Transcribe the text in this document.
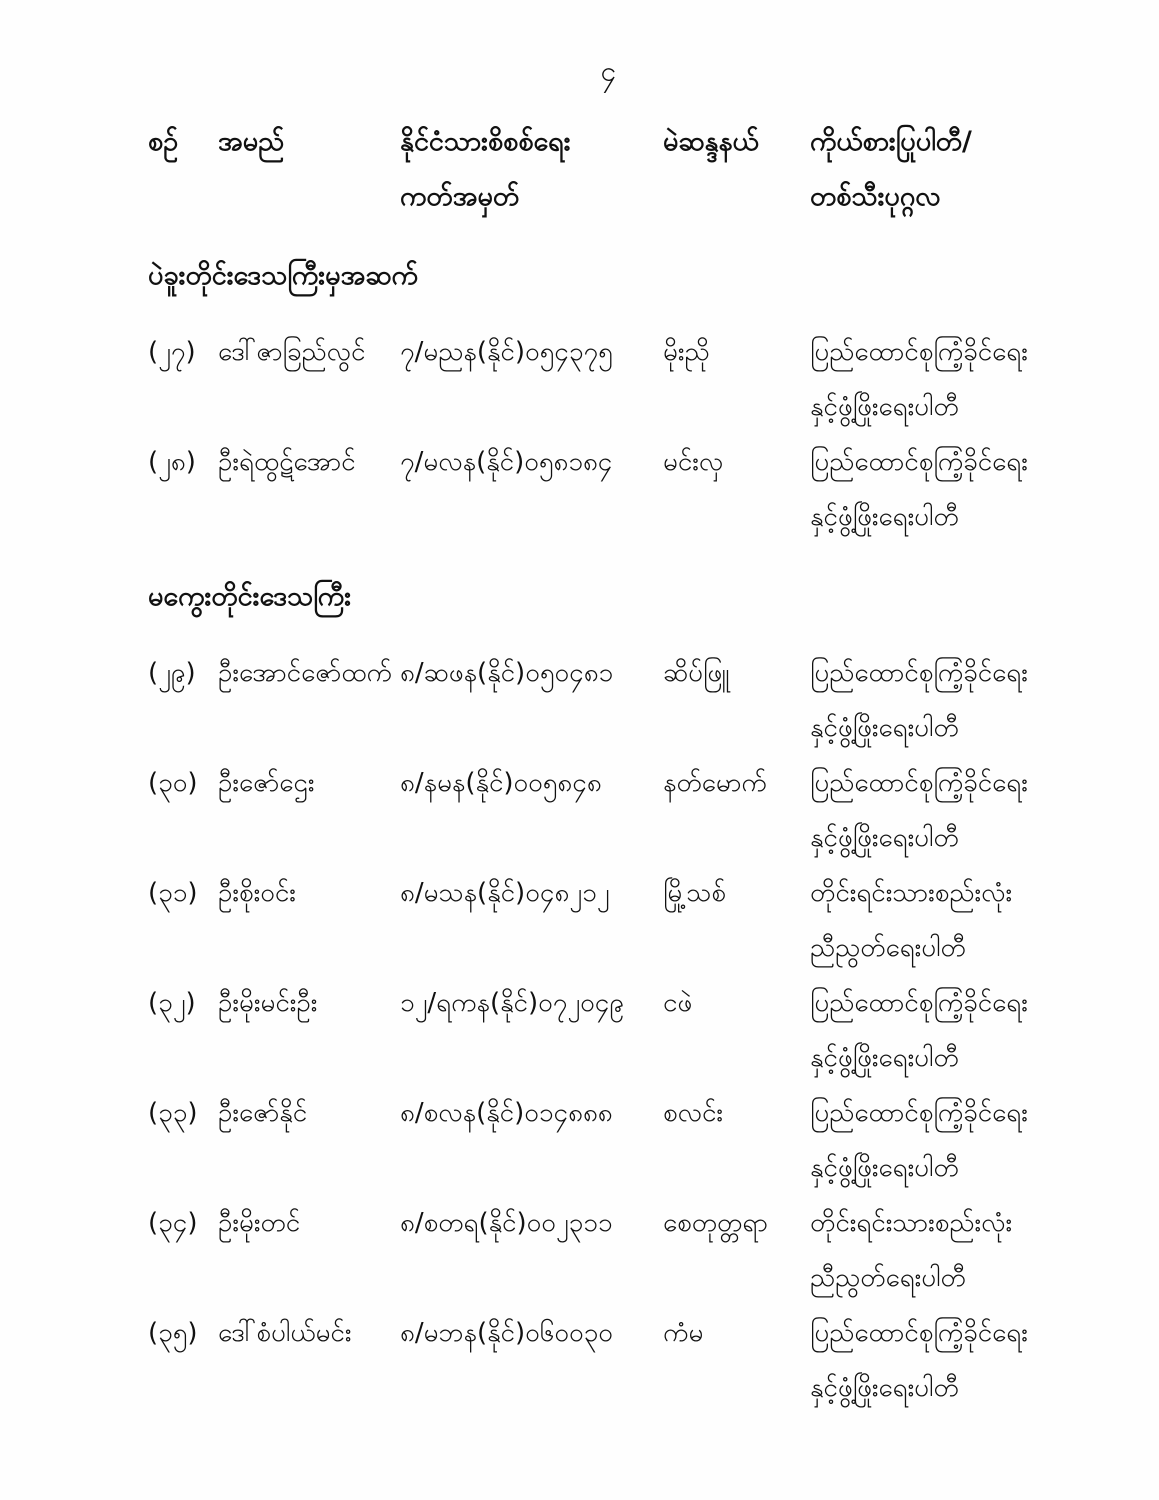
၄
စဉ်	အမည်	နိုင်ငံသားစိစစ်ရေး
ကတ်အမှတ်
မဲဆန္ဒနယ်	ကိုယ်စားပြုပါတီ/
တစ်သီးပုဂ္ဂလ
ပဲခူးတိုင်းဒေသကြီးမှအဆက်
(၂၇) ဒေါ်ဇာခြည်လွင်	၇/မညန(နိုင်)၀၅၄၃၇၅	မိုးညို	ပြည်ထောင်စုကြံ့ခိုင်ရေး
နှင့်ဖွံ့ဖြိုးရေးပါတီ
(၂၈) ဦးရဲထွဋ်အောင်	၇/မလန(နိုင်)၀၅၈၁၈၄	မင်းလှ	ပြည်ထောင်စုကြံ့ခိုင်ရေး
နှင့်ဖွံ့ဖြိုးရေးပါတီ
မကွေးတိုင်းဒေသကြီး
(၂၉) ဦးအောင်ဇော်ထက် ၈/ဆဖန(နိုင်)၀၅၀၄၈၁	ဆိပ်ဖြူ	ပြည်ထောင်စုကြံ့ခိုင်ရေး
နှင့်ဖွံ့ဖြိုးရေးပါတီ
(၃၀) ဦးဇော်ဌေး	၈/နမန(နိုင်)၀၀၅၈၄၈	နတ်မောက်	ပြည်ထောင်စုကြံ့ခိုင်ရေး
နှင့်ဖွံ့ဖြိုးရေးပါတီ
(၃၁) ဦးစိုးဝင်း	၈/မသန(နိုင်)၀၄၈၂၁၂	မြို့သစ်	တိုင်းရင်းသားစည်းလုံး
ညီညွတ်ရေးပါတီ
(၃၂) ဦးမိုးမင်းဦး	၁၂/ရကန(နိုင်)၀၇၂၀၄၉	ငဖဲ	ပြည်ထောင်စုကြံ့ခိုင်ရေး
နှင့်ဖွံ့ဖြိုးရေးပါတီ
(၃၃) ဦးဇော်နိုင်	၈/စလန(နိုင်)၀၁၄၈၈၈	စလင်း	ပြည်ထောင်စုကြံ့ခိုင်ရေး
နှင့်ဖွံ့ဖြိုးရေးပါတီ
(၃၄) ဦးမိုးတင်	၈/စတရ(နိုင်)၀၀၂၃၁၁	စေတုတ္တရာ	တိုင်းရင်းသားစည်းလုံး
ညီညွတ်ရေးပါတီ
(၃၅) ဒေါ်စံပါယ်မင်း	၈/မဘန(နိုင်)၀၆၀၀၃၀	ကံမ	ပြည်ထောင်စုကြံ့ခိုင်ရေး
နှင့်ဖွံ့ဖြိုးရေးပါတီ
